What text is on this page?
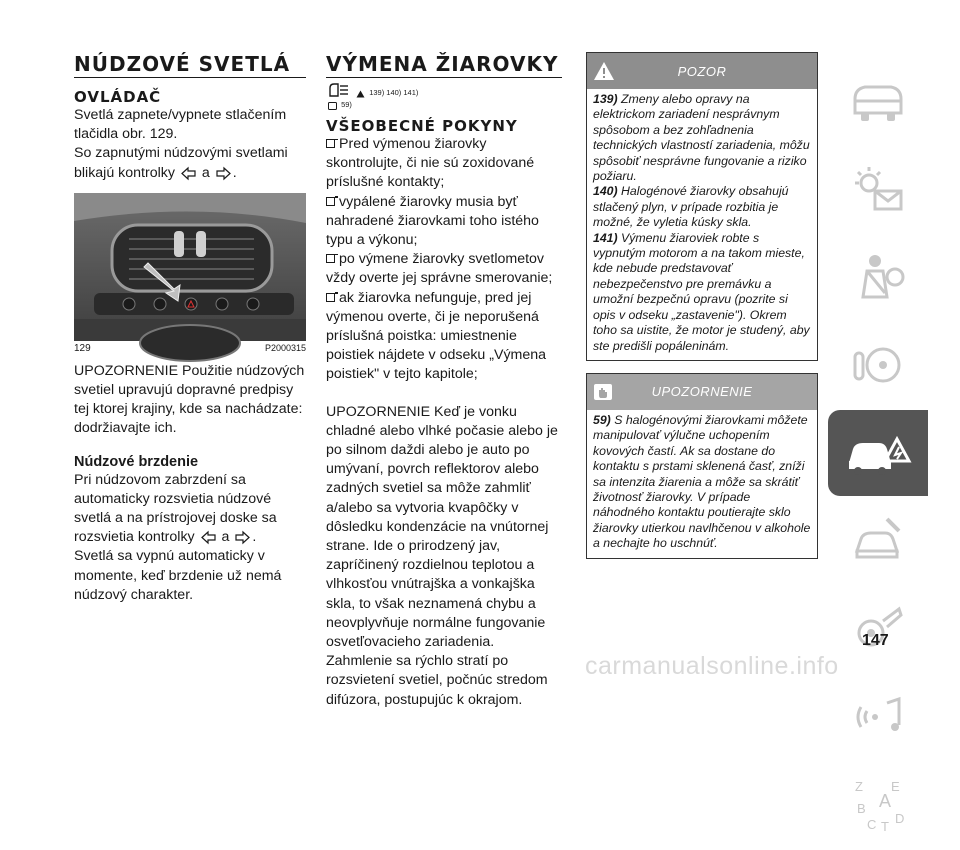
NÚDZOVÉ SVETLÁ
OVLÁDAČ
Svetlá zapnete/vypnete stlačením tlačidla obr. 129.
So zapnutými núdzovými svetlami blikajú kontrolky a .
129	P2000315
UPOZORNENIE Použitie núdzových svetiel upravujú dopravné predpisy tej ktorej krajiny, kde sa nachádzate: dodržiavajte ich.
Núdzové brzdenie
Pri núdzovom zabrzdení sa automaticky rozsvietia núdzové svetlá a na prístrojovej doske sa rozsvietia kontrolky a .
Svetlá sa vypnú automaticky v momente, keď brzdenie už nemá núdzový charakter.
VÝMENA ŽIAROVKY
139) 140) 141)
59)
VŠEOBECNÉ POKYNY
Pred výmenou žiarovky skontrolujte, či nie sú zoxidované príslušné kontakty;
vypálené žiarovky musia byť nahradené žiarovkami toho istého typu a výkonu;
po výmene žiarovky svetlometov vždy overte jej správne smerovanie;
ak žiarovka nefunguje, pred jej výmenou overte, či je neporušená príslušná poistka: umiestnenie poistiek nájdete v odseku „Výmena poistiek" v tejto kapitole;
UPOZORNENIE Keď je vonku chladné alebo vlhké počasie alebo je po silnom daždi alebo je auto po umývaní, povrch reflektorov alebo zadných svetiel sa môže zahmliť a/alebo sa vytvoria kvapôčky v dôsledku kondenzácie na vnútornej strane. Ide o prirodzený jav, zapríčinený rozdielnou teplotou a vlhkosťou vnútrajška a vonkajška skla, to však neznamená chybu a neovplyvňuje normálne fungovanie osvetľovacieho zariadenia. Zahmlenie sa rýchlo stratí po rozsvietení svetiel, počnúc stredom difúzora, postupujúc k okrajom.
POZOR
139) Zmeny alebo opravy na elektrickom zariadení nesprávnym spôsobom a bez zohľadnenia technických vlastností zariadenia, môžu spôsobiť nesprávne fungovanie a riziko požiaru.
140) Halogénové žiarovky obsahujú stlačený plyn, v prípade rozbitia je možné, že vyletia kúsky skla.
141) Výmenu žiaroviek robte s vypnutým motorom a na takom mieste, kde nebude predstavovať nebezpečenstvo pre premávku a umožní bezpečnú opravu (pozrite si opis v odseku „zastavenie"). Okrem toho sa uistite, že motor je studený, aby ste predišli popáleninám.
UPOZORNENIE
59) S halogénovými žiarovkami môžete manipulovať výlučne uchopením kovových častí. Ak sa dostane do kontaktu s prstami sklenená časť, zníži sa intenzita žiarenia a môže sa skrátiť životnosť žiarovky. V prípade náhodného kontaktu poutierajte sklo žiarovky utierkou navlhčenou v alkohole a nechajte ho uschnúť.
Z E
A
B
C T
D
147
carmanualsonline.info
